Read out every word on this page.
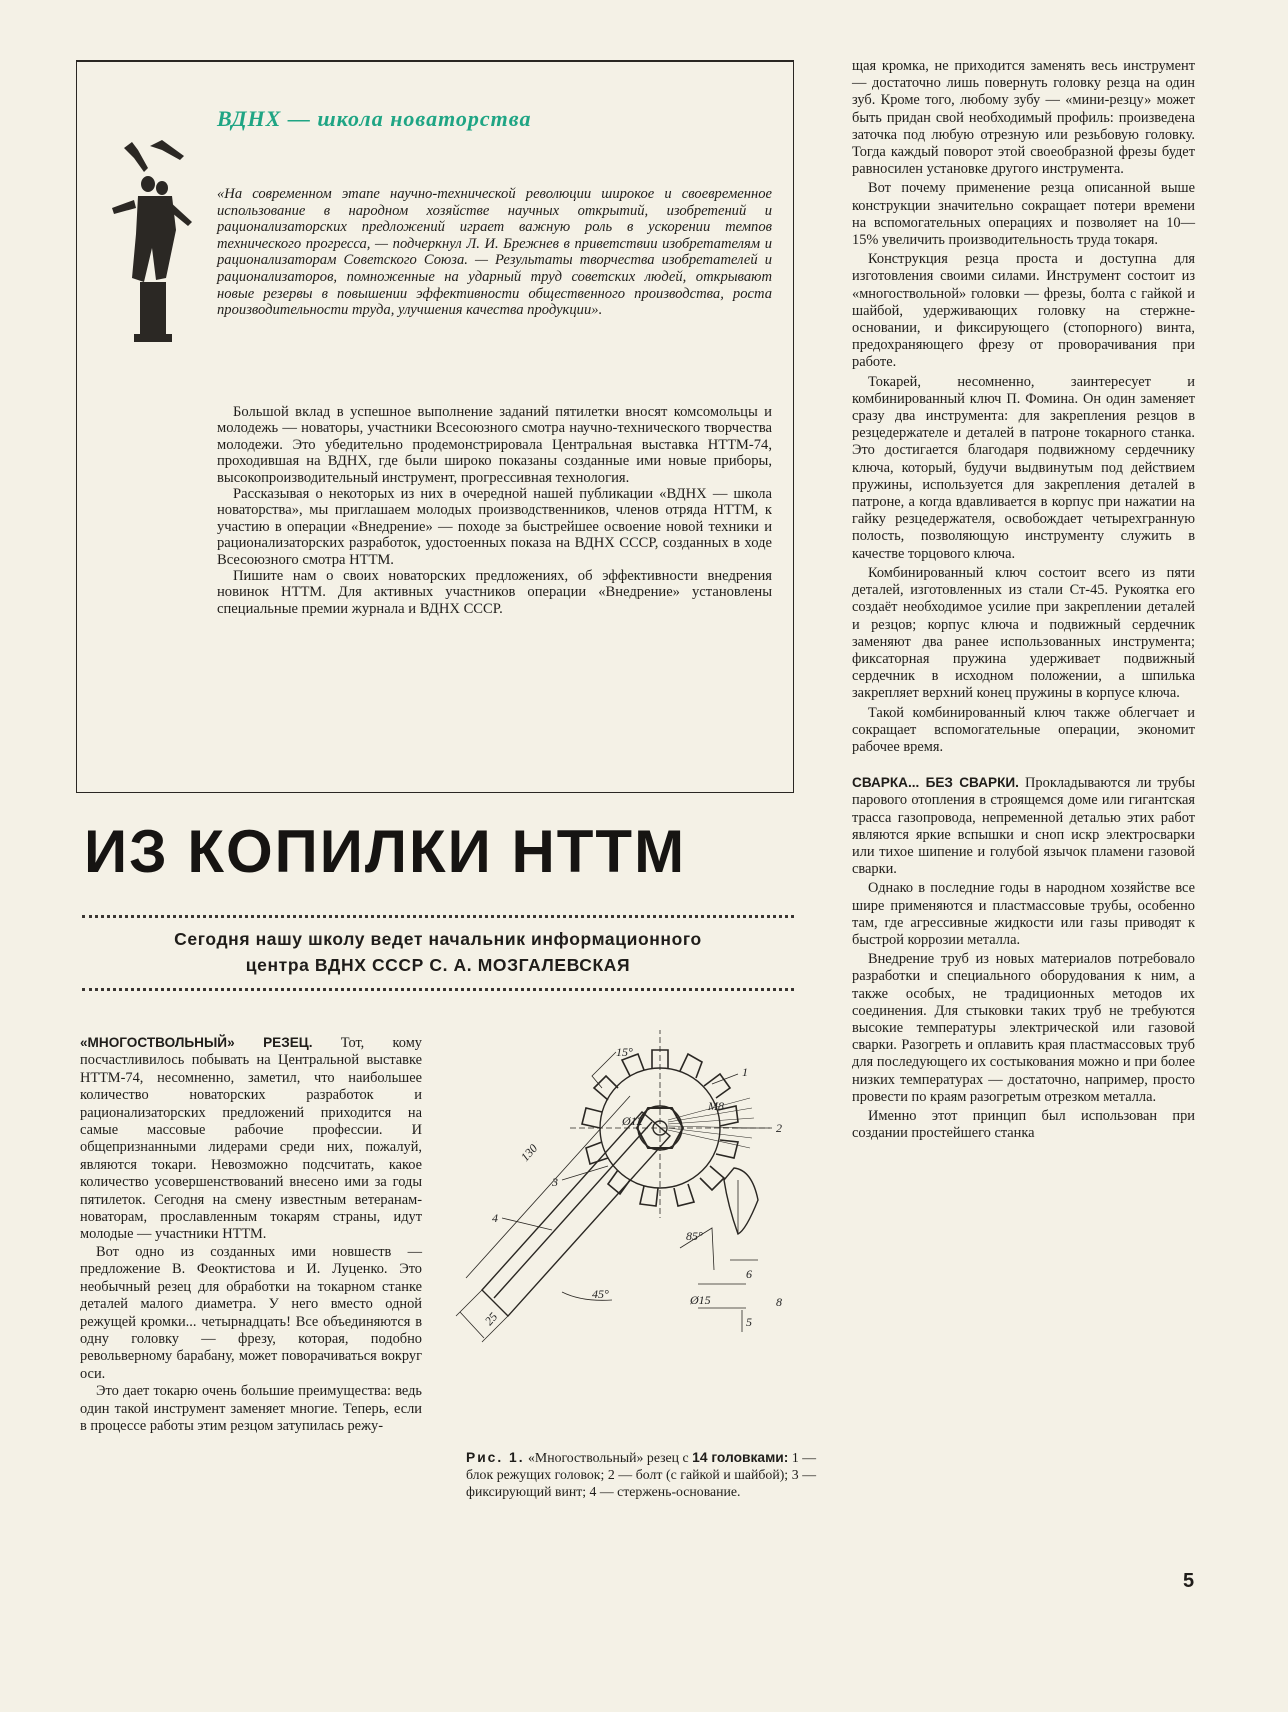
ВДНХ — школа новаторства
«На современном этапе научно-технической революции широкое и своевременное использование в народном хозяйстве научных открытий, изобретений и рационализаторских предложений играет важную роль в ускорении темпов технического прогресса, — подчеркнул Л. И. Брежнев в приветствии изобретателям и рационализаторам Советского Союза. — Результаты творчества изобретателей и рационализаторов, помноженные на ударный труд советских людей, открывают новые резервы в повышении эффективности общественного производства, роста производительности труда, улучшения качества продукции».

Большой вклад в успешное выполнение заданий пятилетки вносят комсомольцы и молодежь — новаторы, участники Всесоюзного смотра научно-технического творчества молодежи. Это убедительно продемонстрировала Центральная выставка НТТМ-74, проходившая на ВДНХ, где были широко показаны созданные ими новые приборы, высокопроизводительный инструмент, прогрессивная технология.

Рассказывая о некоторых из них в очередной нашей публикации «ВДНХ — школа новаторства», мы приглашаем молодых производственников, членов отряда НТТМ, к участию в операции «Внедрение» — походе за быстрейшее освоение новой техники и рационализаторских разработок, удостоенных показа на ВДНХ СССР, созданных в ходе Всесоюзного смотра НТТМ.

Пишите нам о своих новаторских предложениях, об эффективности внедрения новинок НТТМ. Для активных участников операции «Внедрение» установлены специальные премии журнала и ВДНХ СССР.

ИЗ КОПИЛКИ НТТМ
Сегодня нашу школу ведет начальник информационного
центра ВДНХ СССР С. А. МОЗГАЛЕВСКАЯ

«МНОГОСТВОЛЬНЫЙ» РЕЗЕЦ. Тот, кому посчастливилось побывать на Центральной выставке НТТМ-74, несомненно, заметил, что наибольшее количество новаторских разработок и рационализаторских предложений приходится на самые массовые рабочие профессии. И общепризнанными лидерами среди них, пожалуй, являются токари. Невозможно подсчитать, какое количество усовершенствований внесено ими за годы пятилеток. Сегодня на смену известным ветеранам-новаторам, прославленным токарям страны, идут молодые — участники НТТМ.

Вот одно из созданных ими новшеств — предложение В. Феоктистова и И. Луценко. Это необычный резец для обработки на токарном станке деталей малого диаметра. У него вместо одной режущей кромки... четырнадцать! Все объединяются в одну головку — фрезу, которая, подобно револьверному барабану, может поворачиваться вокруг оси.

Это дает токарю очень большие преимущества: ведь один такой инструмент заменяет многие. Теперь, если в процессе работы этим резцом затупилась режу-

15°
М8
Ø12
130
45°
85°
Ø15
6
5
8
25
1
2
3
4
Рис. 1. «Многоствольный» резец с 14 головками: 1 — блок режущих головок; 2 — болт (с гайкой и шайбой); 3 — фиксирующий винт; 4 — стержень-основание.

щая кромка, не приходится заменять весь инструмент — достаточно лишь повернуть головку резца на один зуб. Кроме того, любому зубу — «мини-резцу» может быть придан свой необходимый профиль: произведена заточка под любую отрезную или резьбовую головку. Тогда каждый поворот этой своеобразной фрезы будет равносилен установке другого инструмента.

Вот почему применение резца описанной выше конструкции значительно сокращает потери времени на вспомогательных операциях и позволяет на 10—15% увеличить производительность труда токаря.

Конструкция резца проста и доступна для изготовления своими силами. Инструмент состоит из «многоствольной» головки — фрезы, болта с гайкой и шайбой, удерживающих головку на стержне-основании, и фиксирующего (стопорного) винта, предохраняющего фрезу от проворачивания при работе.

Токарей, несомненно, заинтересует и комбинированный ключ П. Фомина. Он один заменяет сразу два инструмента: для закрепления резцов в резцедержателе и деталей в патроне токарного станка. Это достигается благодаря подвижному сердечнику ключа, который, будучи выдвинутым под действием пружины, используется для закрепления деталей в патроне, а когда вдавливается в корпус при нажатии на гайку резцедержателя, освобождает четырехгранную полость, позволяющую инструменту служить в качестве торцового ключа.

Комбинированный ключ состоит всего из пяти деталей, изготовленных из стали Ст-45. Рукоятка его создаёт необходимое усилие при закреплении деталей и резцов; корпус ключа и подвижный сердечник заменяют два ранее использованных инструмента; фиксаторная пружина удерживает подвижный сердечник в исходном положении, а шпилька закрепляет верхний конец пружины в корпусе ключа.

Такой комбинированный ключ также облегчает и сокращает вспомогательные операции, экономит рабочее время.

СВАРКА... БЕЗ СВАРКИ. Прокладываются ли трубы парового отопления в строящемся доме или гигантская трасса газопровода, непременной деталью этих работ являются яркие вспышки и сноп искр электросварки или тихое шипение и голубой язычок пламени газовой сварки.

Однако в последние годы в народном хозяйстве все шире применяются и пластмассовые трубы, особенно там, где агрессивные жидкости или газы приводят к быстрой коррозии металла.

Внедрение труб из новых материалов потребовало разработки и специального оборудования к ним, а также особых, не традиционных методов их соединения. Для стыковки таких труб не требуются высокие температуры электрической или газовой сварки. Разогреть и оплавить края пластмассовых труб для последующего их состыкования можно и при более низких температурах — достаточно, например, просто провести по краям разогретым отрезком металла.

Именно этот принцип был использован при создании простейшего станка

5
